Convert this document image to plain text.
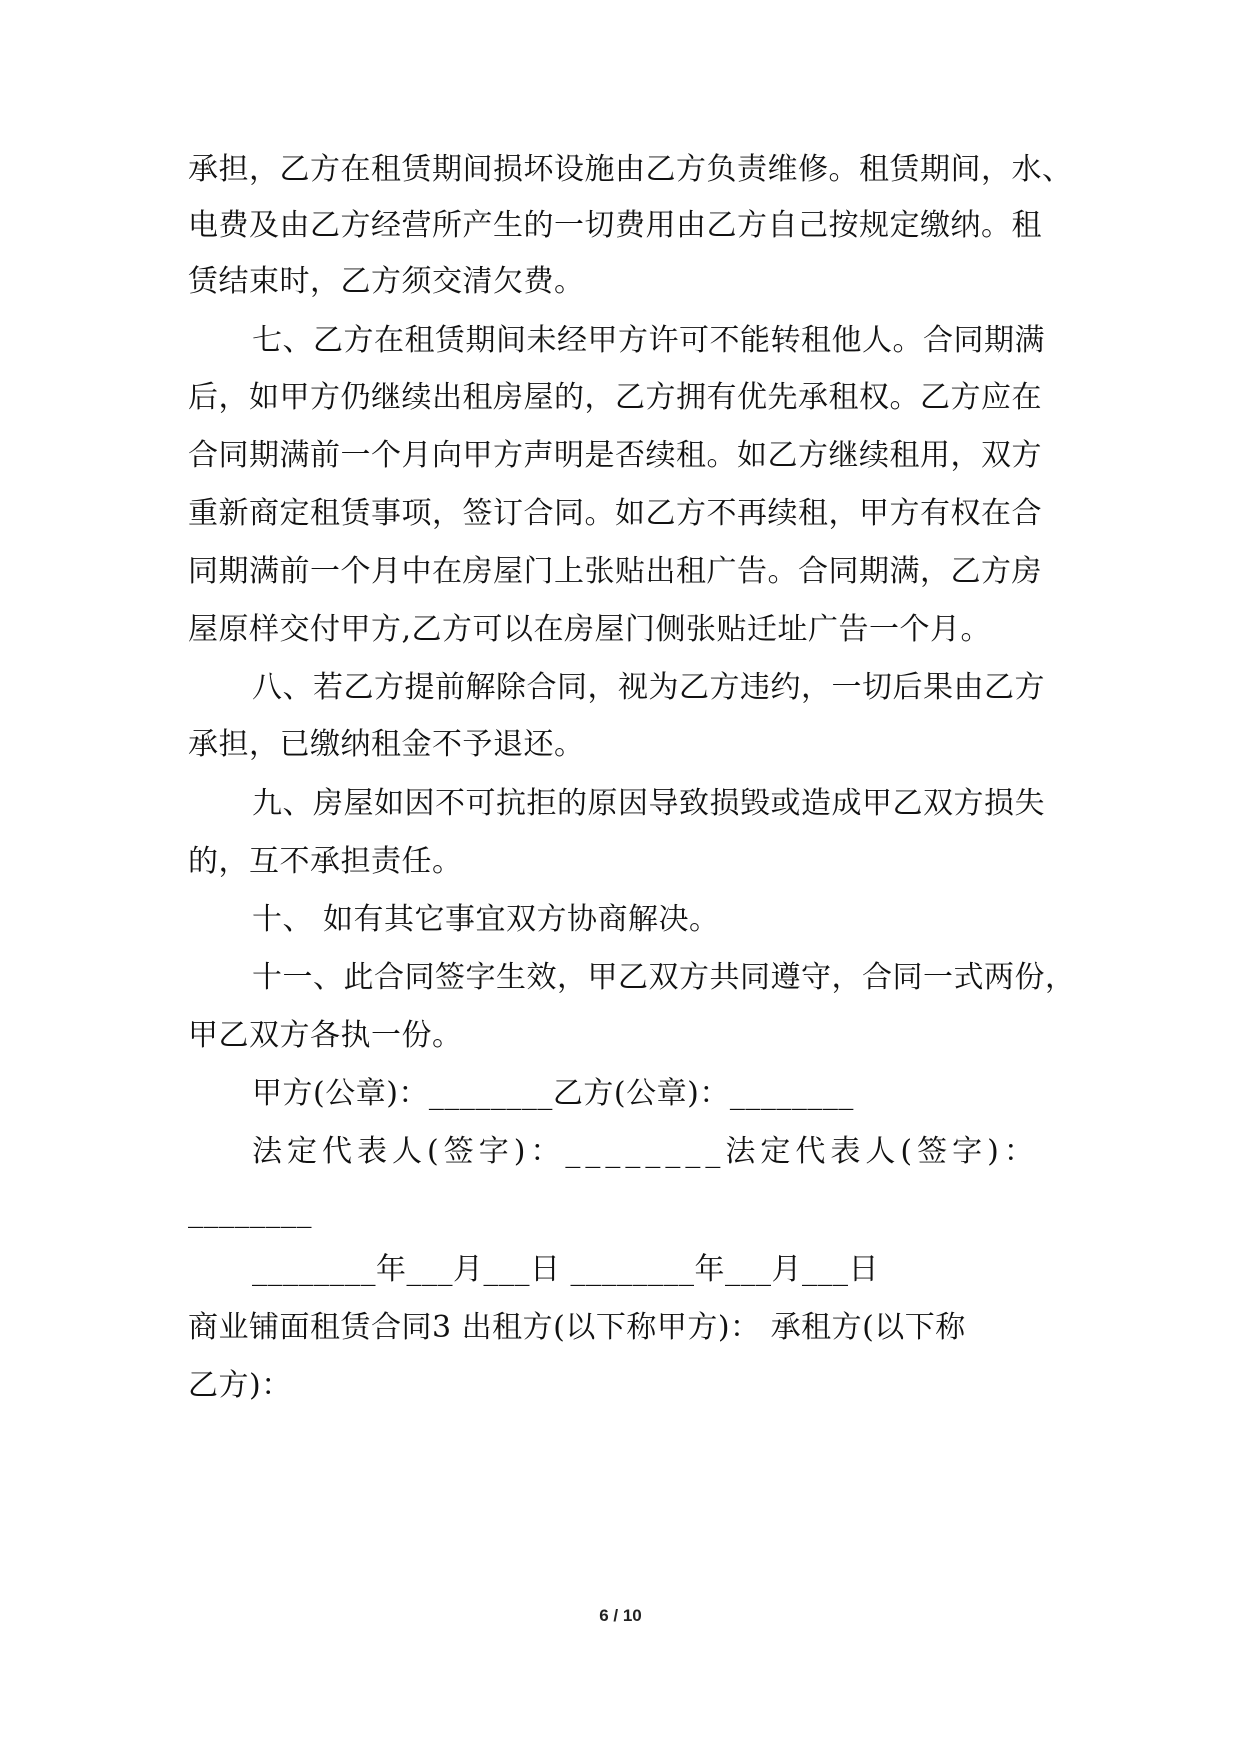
承担，乙方在租赁期间损坏设施由乙方负责维修。租赁期间，水、
电费及由乙方经营所产生的一切费用由乙方自己按规定缴纳。租
赁结束时，乙方须交清欠费。
七、乙方在租赁期间未经甲方许可不能转租他人。合同期满
后，如甲方仍继续出租房屋的，乙方拥有优先承租权。乙方应在
合同期满前一个月向甲方声明是否续租。如乙方继续租用，双方
重新商定租赁事项，签订合同。如乙方不再续租，甲方有权在合
同期满前一个月中在房屋门上张贴出租广告。合同期满，乙方房
屋原样交付甲方,乙方可以在房屋门侧张贴迁址广告一个月。
八、若乙方提前解除合同，视为乙方违约，一切后果由乙方
承担，已缴纳租金不予退还。
九、房屋如因不可抗拒的原因导致损毁或造成甲乙双方损失
的，互不承担责任。
十、 如有其它事宜双方协商解决。
十一、此合同签字生效，甲乙双方共同遵守，合同一式两份，
甲乙双方各执一份。
甲方(公章)：________乙方(公章)：________
法定代表人(签字)：________法定代表人(签字)：
________
________年___月___日 ________年___月___日
商业铺面租赁合同3 出租方(以下称甲方)： 承租方(以下称
乙方)：
6 / 10
